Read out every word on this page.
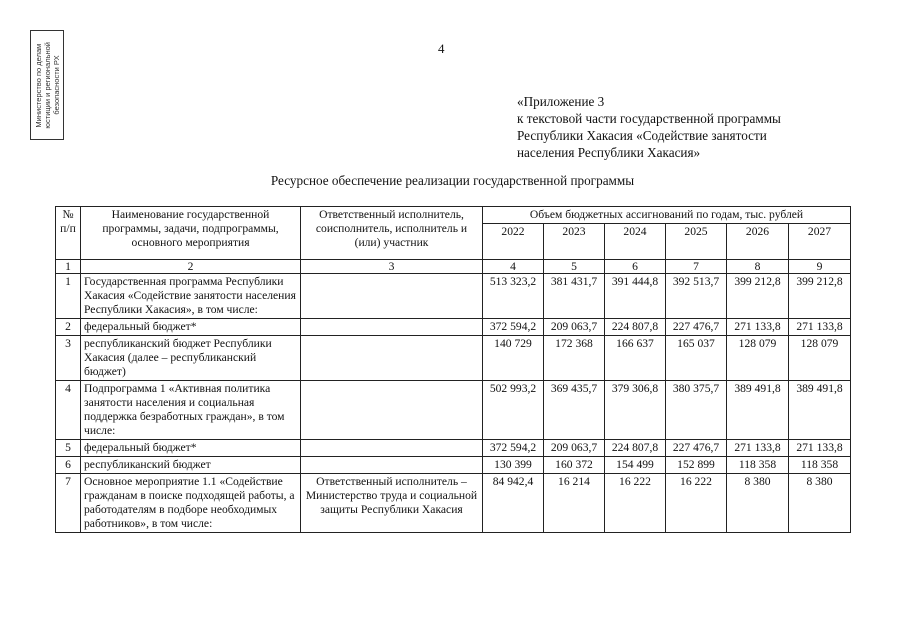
Министерство по делам
юстиции и региональной
безопасности РХ
4
«Приложение 3
к текстовой части государственной программы
Республики Хакасия «Содействие занятости
населения Республики Хакасия»
Ресурсное обеспечение реализации государственной программы
№ п/п	Наименование государственной программы, задачи, подпрограммы, основного мероприятия	Ответственный исполнитель, соисполнитель, исполнитель и (или) участник	Объем бюджетных ассигнований по годам, тыс. рублей					
			2022	2023	2024	2025	2026	2027
1	2	3	4	5	6	7	8	9
1	Государственная программа Республики Хакасия «Содействие занятости населения Республики Хакасия», в том числе:		513 323,2	381 431,7	391 444,8	392 513,7	399 212,8	399 212,8
2	федеральный бюджет*		372 594,2	209 063,7	224 807,8	227 476,7	271 133,8	271 133,8
3	республиканский бюджет Республики Хакасия (далее – республиканский бюджет)		140 729	172 368	166 637	165 037	128 079	128 079
4	Подпрограмма 1 «Активная политика занятости населения и социальная поддержка безработных граждан», в том числе:		502 993,2	369 435,7	379 306,8	380 375,7	389 491,8	389 491,8
5	федеральный бюджет*		372 594,2	209 063,7	224 807,8	227 476,7	271 133,8	271 133,8
6	республиканский бюджет		130 399	160 372	154 499	152 899	118 358	118 358
7	Основное мероприятие 1.1 «Содействие гражданам в поиске подходящей работы, а работодателям в подборе необходимых работников», в том числе:	Ответственный исполнитель – Министерство труда и социальной защиты Республики Хакасия	84 942,4	16 214	16 222	16 222	8 380	8 380
